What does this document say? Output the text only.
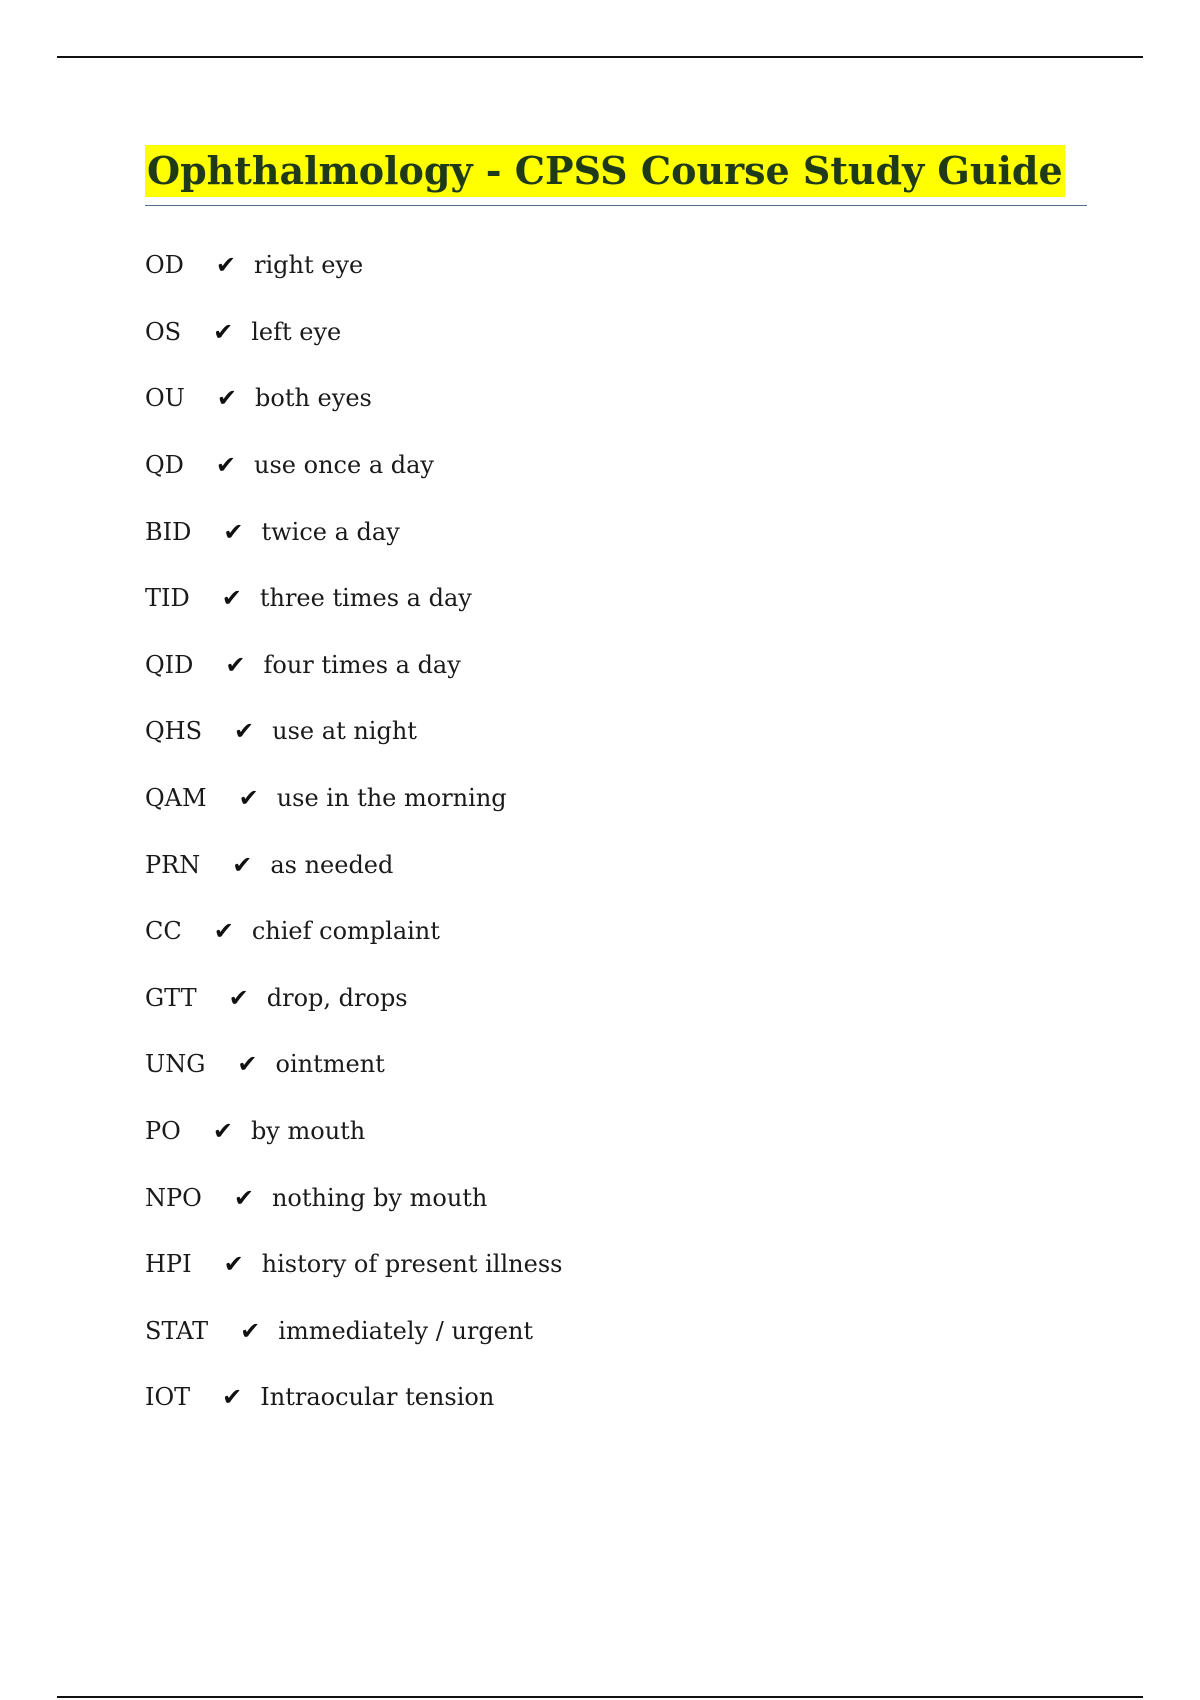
Ophthalmology - CPSS Course Study Guide
OD ✔ right eye
OS ✔ left eye
OU ✔ both eyes
QD ✔ use once a day
BID ✔ twice a day
TID ✔ three times a day
QID ✔ four times a day
QHS ✔ use at night
QAM ✔ use in the morning
PRN ✔ as needed
CC ✔ chief complaint
GTT ✔ drop, drops
UNG ✔ ointment
PO ✔ by mouth
NPO ✔ nothing by mouth
HPI ✔ history of present illness
STAT ✔ immediately / urgent
IOT ✔ Intraocular tension
